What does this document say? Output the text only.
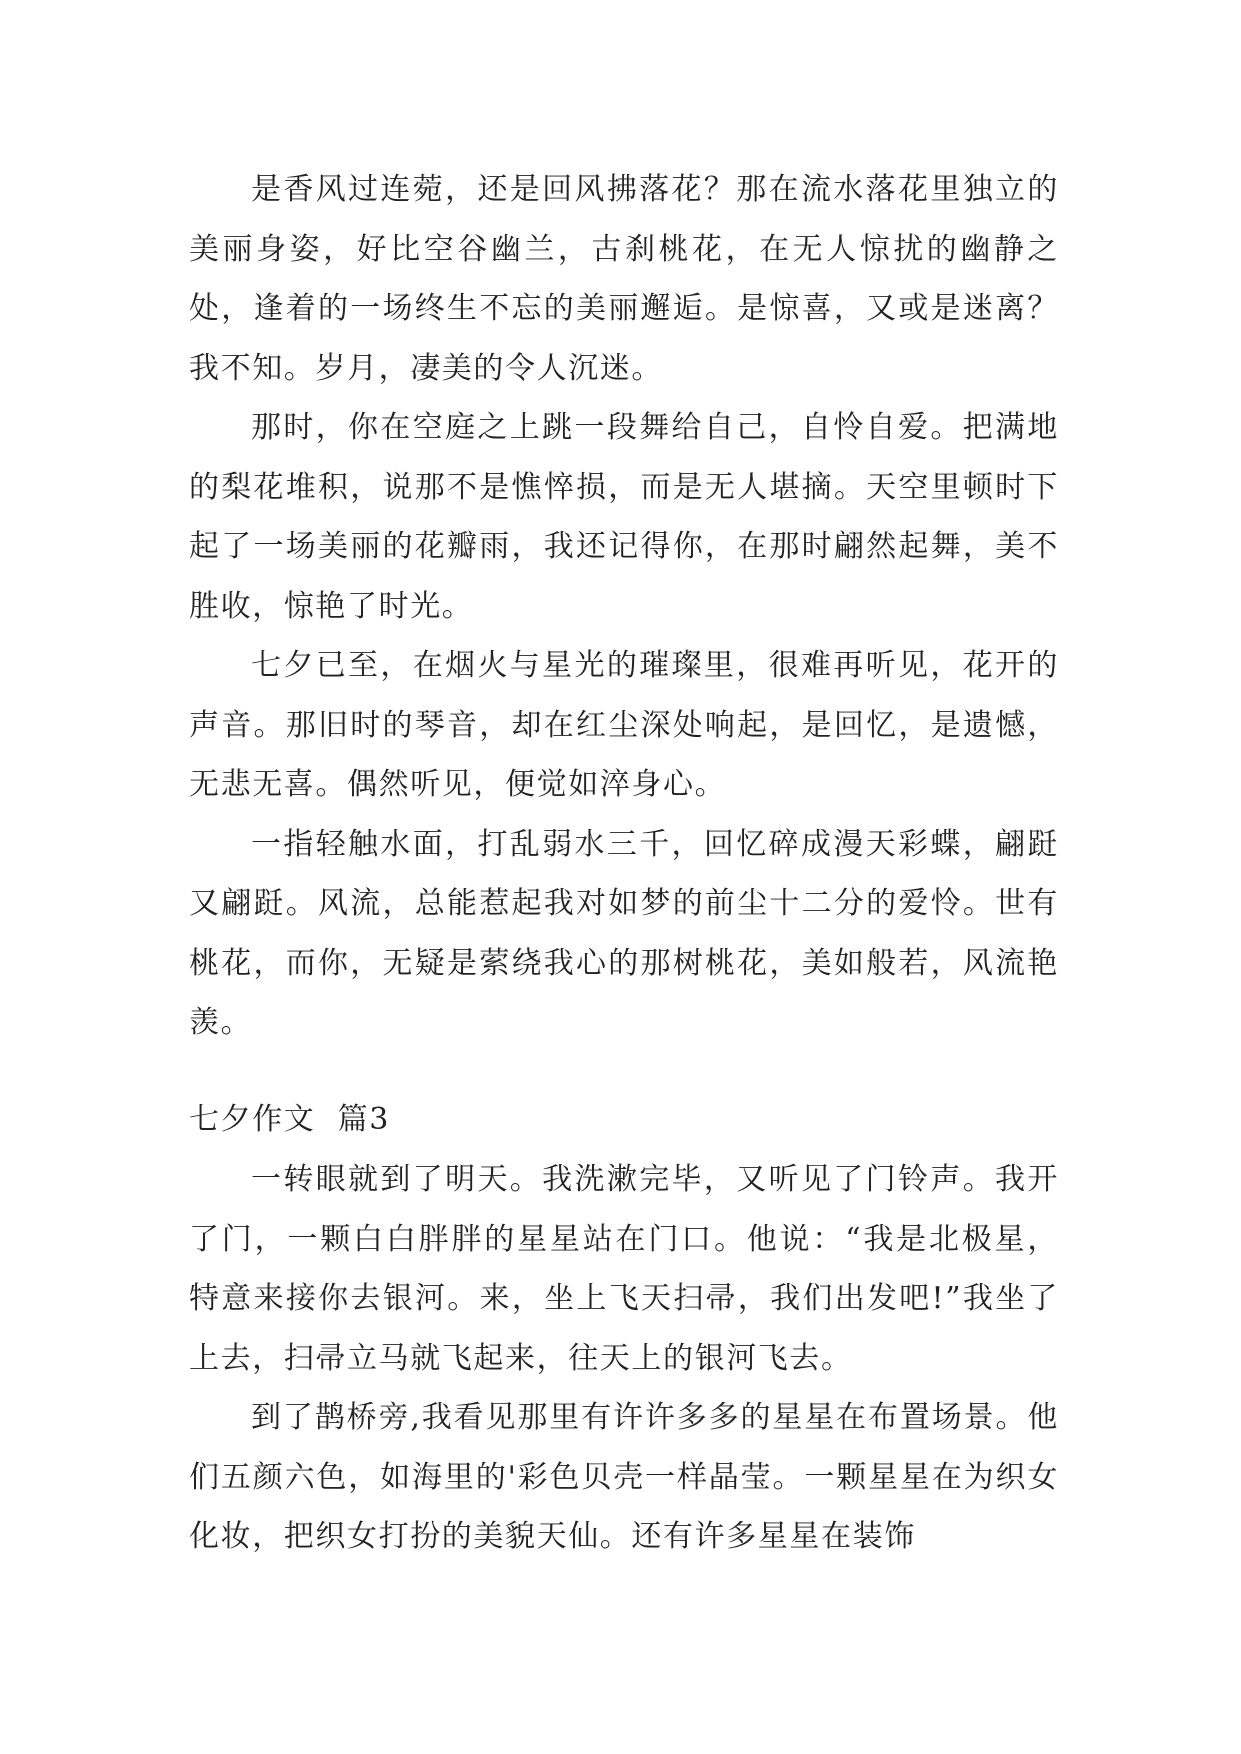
是香风过连菀，还是回风拂落花？那在流水落花里独立的美丽身姿，好比空谷幽兰，古刹桃花，在无人惊扰的幽静之处，逢着的一场终生不忘的美丽邂逅。是惊喜，又或是迷离？我不知。岁月，凄美的令人沉迷。

那时，你在空庭之上跳一段舞给自己，自怜自爱。把满地的梨花堆积，说那不是憔悴损，而是无人堪摘。天空里顿时下起了一场美丽的花瓣雨，我还记得你，在那时翩然起舞，美不胜收，惊艳了时光。

七夕已至，在烟火与星光的璀璨里，很难再听见，花开的声音。那旧时的琴音，却在红尘深处响起，是回忆，是遗憾，无悲无喜。偶然听见，便觉如淬身心。

一指轻触水面，打乱弱水三千，回忆碎成漫天彩蝶，翩跹又翩跹。风流，总能惹起我对如梦的前尘十二分的爱怜。世有桃花，而你，无疑是萦绕我心的那树桃花，美如般若，风流艳羡。

七夕作文  篇3

一转眼就到了明天。我洗漱完毕，又听见了门铃声。我开了门，一颗白白胖胖的星星站在门口。他说：“我是北极星，特意来接你去银河。来，坐上飞天扫帚，我们出发吧!”我坐了上去，扫帚立马就飞起来，往天上的银河飞去。

到了鹊桥旁,我看见那里有许许多多的星星在布置场景。他们五颜六色，如海里的'彩色贝壳一样晶莹。一颗星星在为织女化妆，把织女打扮的美貌天仙。还有许多星星在装饰
